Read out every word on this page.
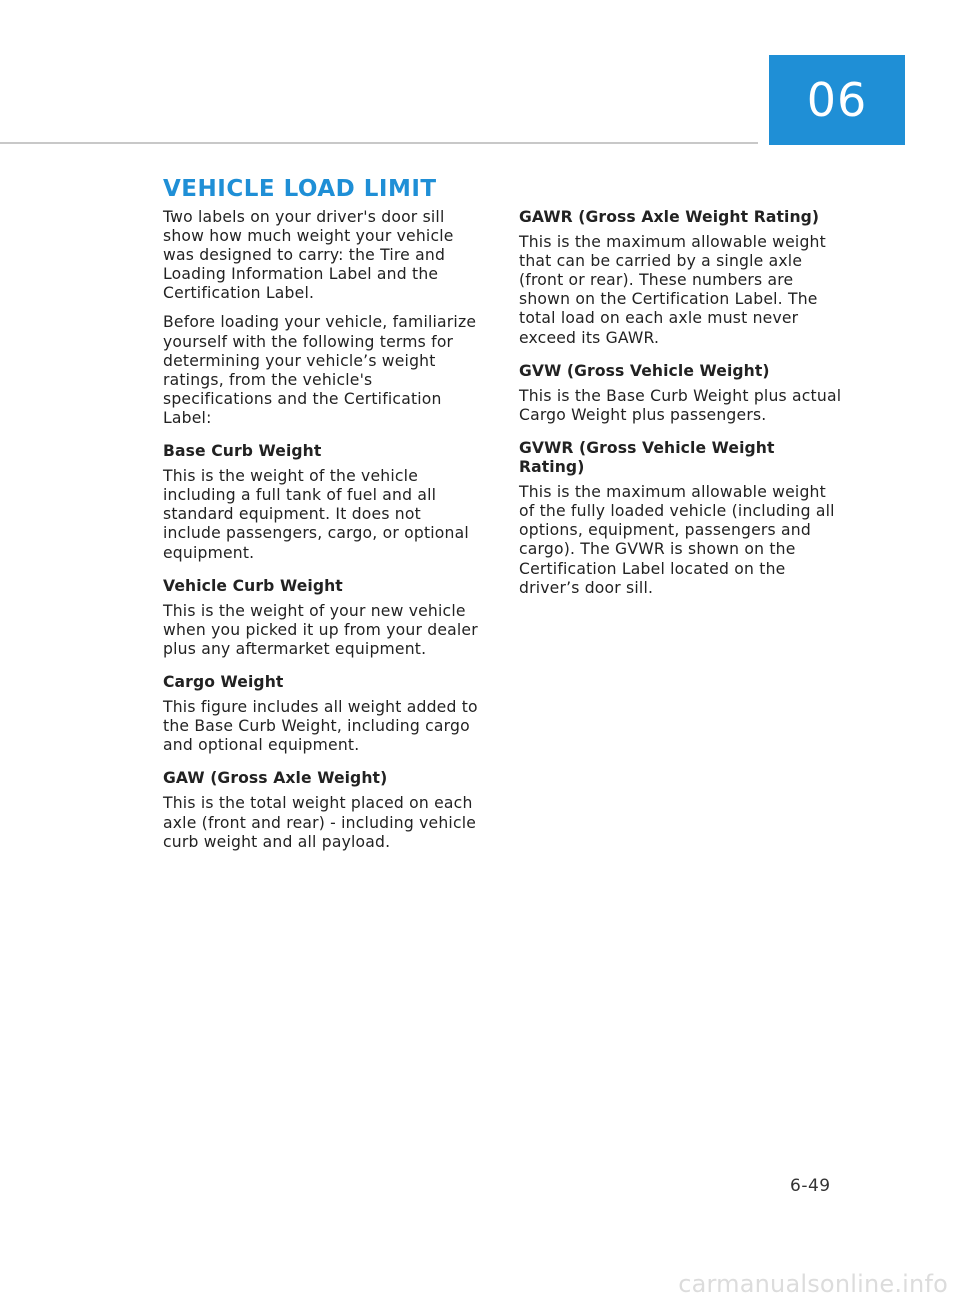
06
VEHICLE LOAD LIMIT

Two labels on your driver's door sill show how much weight your vehicle was designed to carry: the Tire and Loading Information Label and the Certification Label.

Before loading your vehicle, familiarize yourself with the following terms for determining your vehicle’s weight ratings, from the vehicle's specifications and the Certification Label:

Base Curb Weight

This is the weight of the vehicle including a full tank of fuel and all standard equipment. It does not include passengers, cargo, or optional equipment.

Vehicle Curb Weight

This is the weight of your new vehicle when you picked it up from your dealer plus any aftermarket equipment.

Cargo Weight

This figure includes all weight added to the Base Curb Weight, including cargo and optional equipment.

GAW (Gross Axle Weight)

This is the total weight placed on each axle (front and rear) - including vehicle curb weight and all payload.

GAWR (Gross Axle Weight Rating)

This is the maximum allowable weight that can be carried by a single axle (front or rear). These numbers are shown on the Certification Label. The total load on each axle must never exceed its GAWR.

GVW (Gross Vehicle Weight)

This is the Base Curb Weight plus actual Cargo Weight plus passengers.

GVWR (Gross Vehicle Weight Rating)

This is the maximum allowable weight of the fully loaded vehicle (including all options, equipment, passengers and cargo). The GVWR is shown on the Certification Label located on the driver’s door sill.

6-49
carmanualsonline.info
